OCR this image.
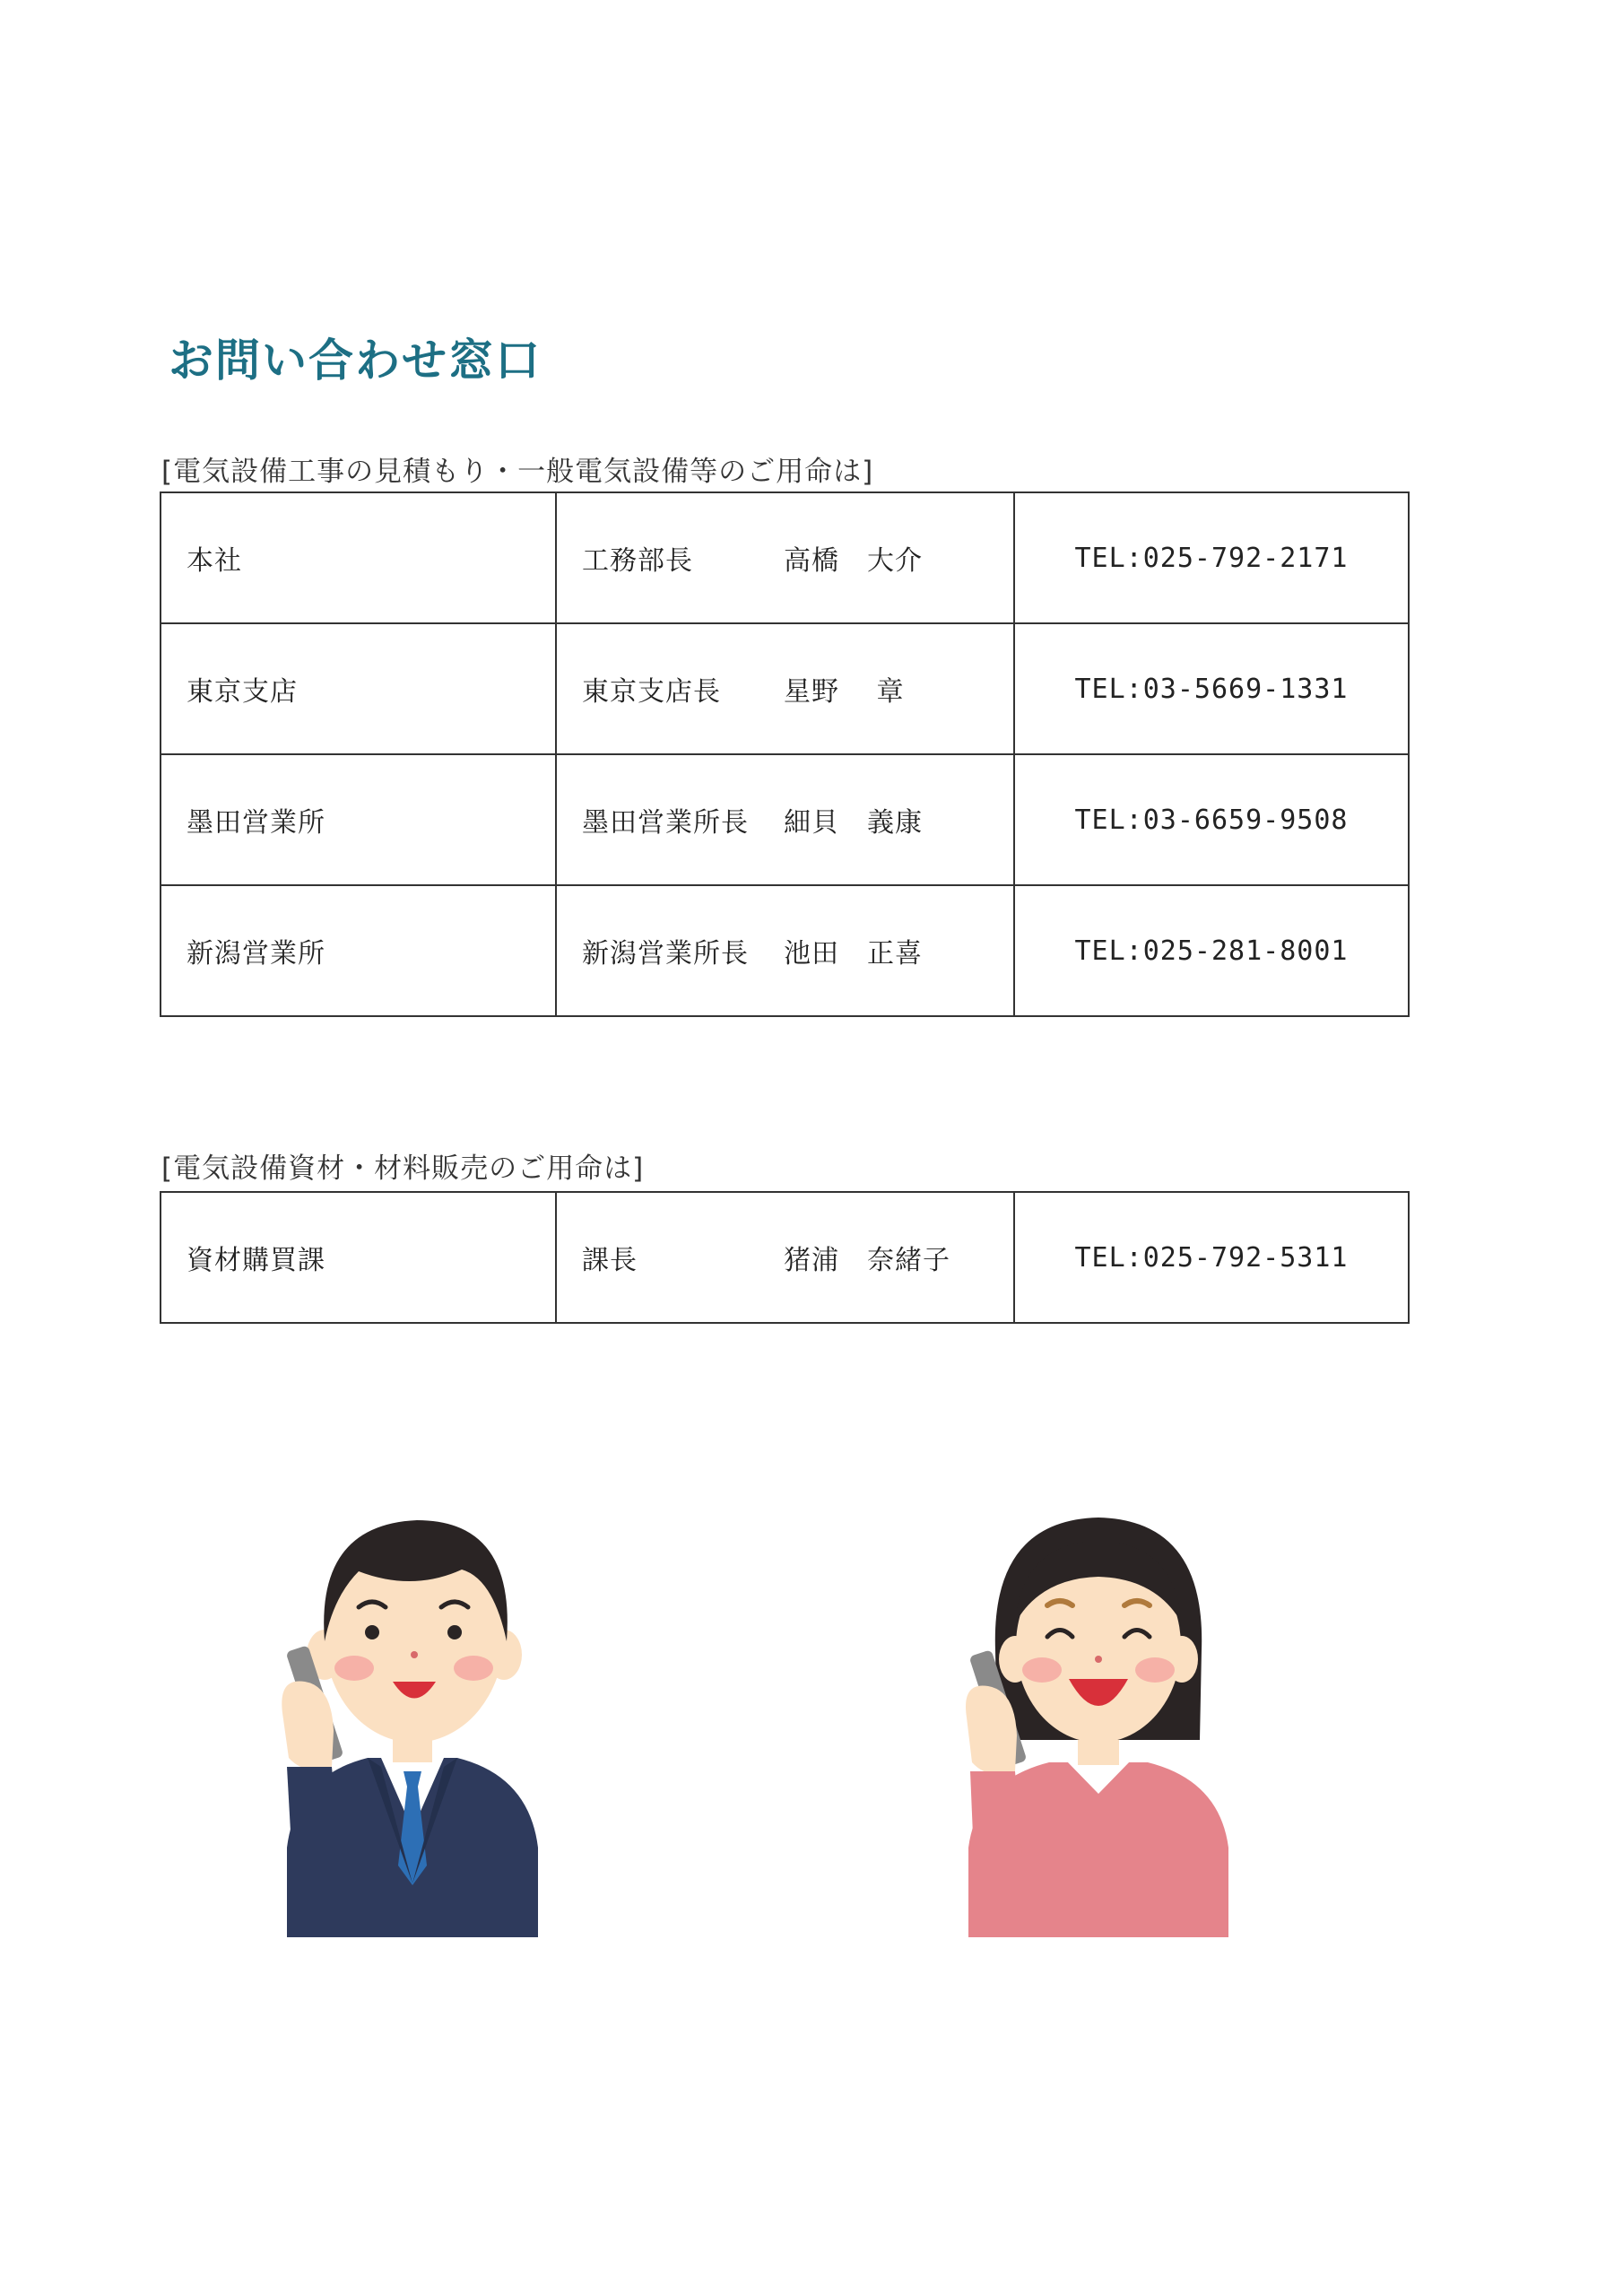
お問い合わせ窓口
[電気設備工事の見積もり・一般電気設備等のご用命は]
本社	工務部長 高橋　大介	TEL:025-792-2171
東京支店	東京支店長 星野　 章	TEL:03-5669-1331
墨田営業所	墨田営業所長 細貝　義康	TEL:03-6659-9508
新潟営業所	新潟営業所長 池田　正喜	TEL:025-281-8001
[電気設備資材・材料販売のご用命は]
資材購買課	課長	猪浦　奈緒子	TEL:025-792-5311
